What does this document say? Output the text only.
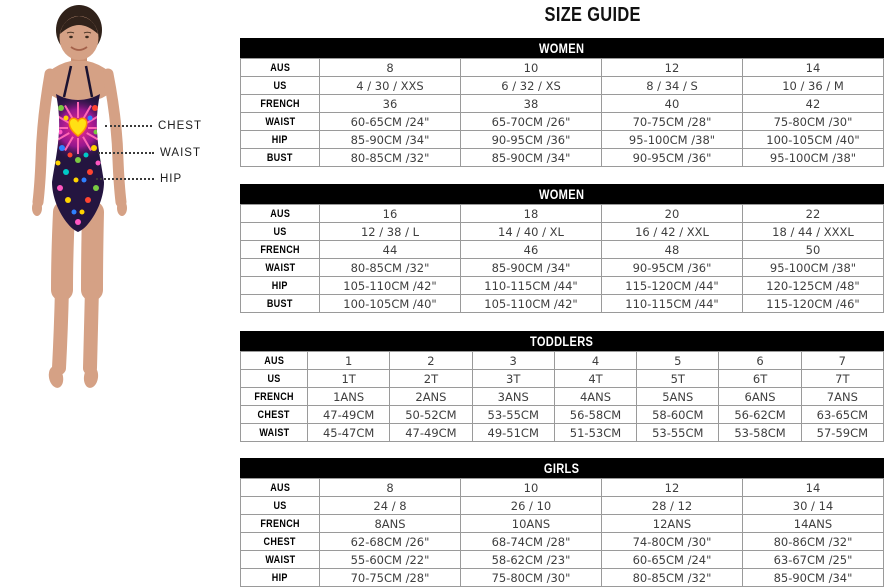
SIZE GUIDE
CHEST
WAIST
HIP
WOMEN
AUS	8	10	12	14
US	4 / 30 / XXS	6 / 32 / XS	8 / 34 / S	10 / 36 / M
FRENCH	36	38	40	42
WAIST	60-65CM /24"	65-70CM /26"	70-75CM /28"	75-80CM /30"
HIP	85-90CM /34"	90-95CM /36"	95-100CM /38"	100-105CM /40"
BUST	80-85CM /32"	85-90CM /34"	90-95CM /36"	95-100CM /38"
WOMEN
AUS	16	18	20	22
US	12 / 38 / L	14 / 40 / XL	16 / 42 / XXL	18 / 44 / XXXL
FRENCH	44	46	48	50
WAIST	80-85CM /32"	85-90CM /34"	90-95CM /36"	95-100CM /38"
HIP	105-110CM /42"	110-115CM /44"	115-120CM /44"	120-125CM /48"
BUST	100-105CM /40"	105-110CM /42"	110-115CM /44"	115-120CM /46"
TODDLERS
AUS	1	2	3	4	5	6	7
US	1T	2T	3T	4T	5T	6T	7T
FRENCH	1ANS	2ANS	3ANS	4ANS	5ANS	6ANS	7ANS
CHEST	47-49CM	50-52CM	53-55CM	56-58CM	58-60CM	56-62CM	63-65CM
WAIST	45-47CM	47-49CM	49-51CM	51-53CM	53-55CM	53-58CM	57-59CM
GIRLS
AUS	8	10	12	14
US	24 / 8	26 / 10	28 / 12	30 / 14
FRENCH	8ANS	10ANS	12ANS	14ANS
CHEST	62-68CM /26"	68-74CM /28"	74-80CM /30"	80-86CM /32"
WAIST	55-60CM /22"	58-62CM /23"	60-65CM /24"	63-67CM /25"
HIP	70-75CM /28"	75-80CM /30"	80-85CM /32"	85-90CM /34"
